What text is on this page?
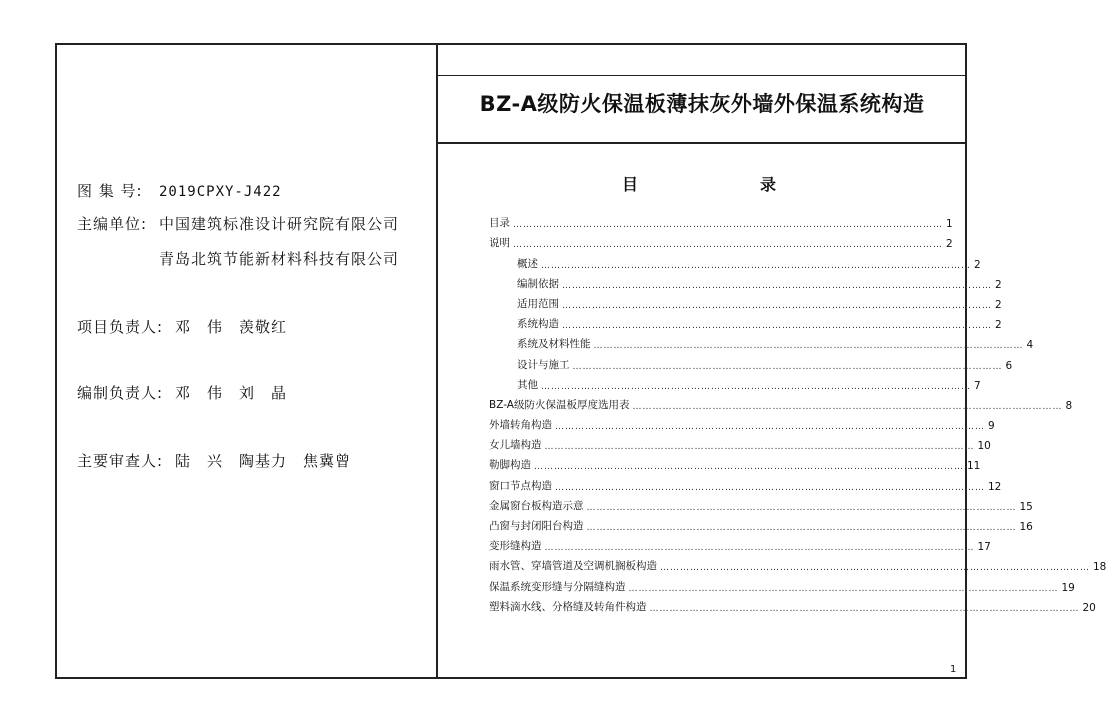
BZ-A级防火保温板薄抹灰外墙外保温系统构造
图 集 号: 2019CPXY-J422
主编单位: 中国建筑标准设计研究院有限公司
青岛北筑节能新材料科技有限公司
项目负责人: 邓　伟　羡敬红
编制负责人: 邓　伟　刘　晶
主要审查人: 陆　兴　陶基力　焦冀曾
目	录
目录 ………………………………………………………………………………………………………………… 1
说明 ………………………………………………………………………………………………………………… 2
概述 ………………………………………………………………………………………………………………… 2
编制依据 ………………………………………………………………………………………………………………… 2
适用范围 ………………………………………………………………………………………………………………… 2
系统构造 ………………………………………………………………………………………………………………… 2
系统及材料性能 ………………………………………………………………………………………………………………… 4
设计与施工 ………………………………………………………………………………………………………………… 6
其他 ………………………………………………………………………………………………………………… 7
BZ-A级防火保温板厚度选用表 ………………………………………………………………………………………………………………… 8
外墙转角构造 ………………………………………………………………………………………………………………… 9
女儿墙构造 ………………………………………………………………………………………………………………… 10
勒脚构造 ………………………………………………………………………………………………………………… 11
窗口节点构造 ………………………………………………………………………………………………………………… 12
金属窗台板构造示意 ………………………………………………………………………………………………………………… 15
凸窗与封闭阳台构造 ………………………………………………………………………………………………………………… 16
变形缝构造 ………………………………………………………………………………………………………………… 17
雨水管、穿墙管道及空调机搁板构造 ………………………………………………………………………………………………………………… 18
保温系统变形缝与分隔缝构造 ………………………………………………………………………………………………………………… 19
塑料滴水线、分格缝及转角件构造 ………………………………………………………………………………………………………………… 20
1
